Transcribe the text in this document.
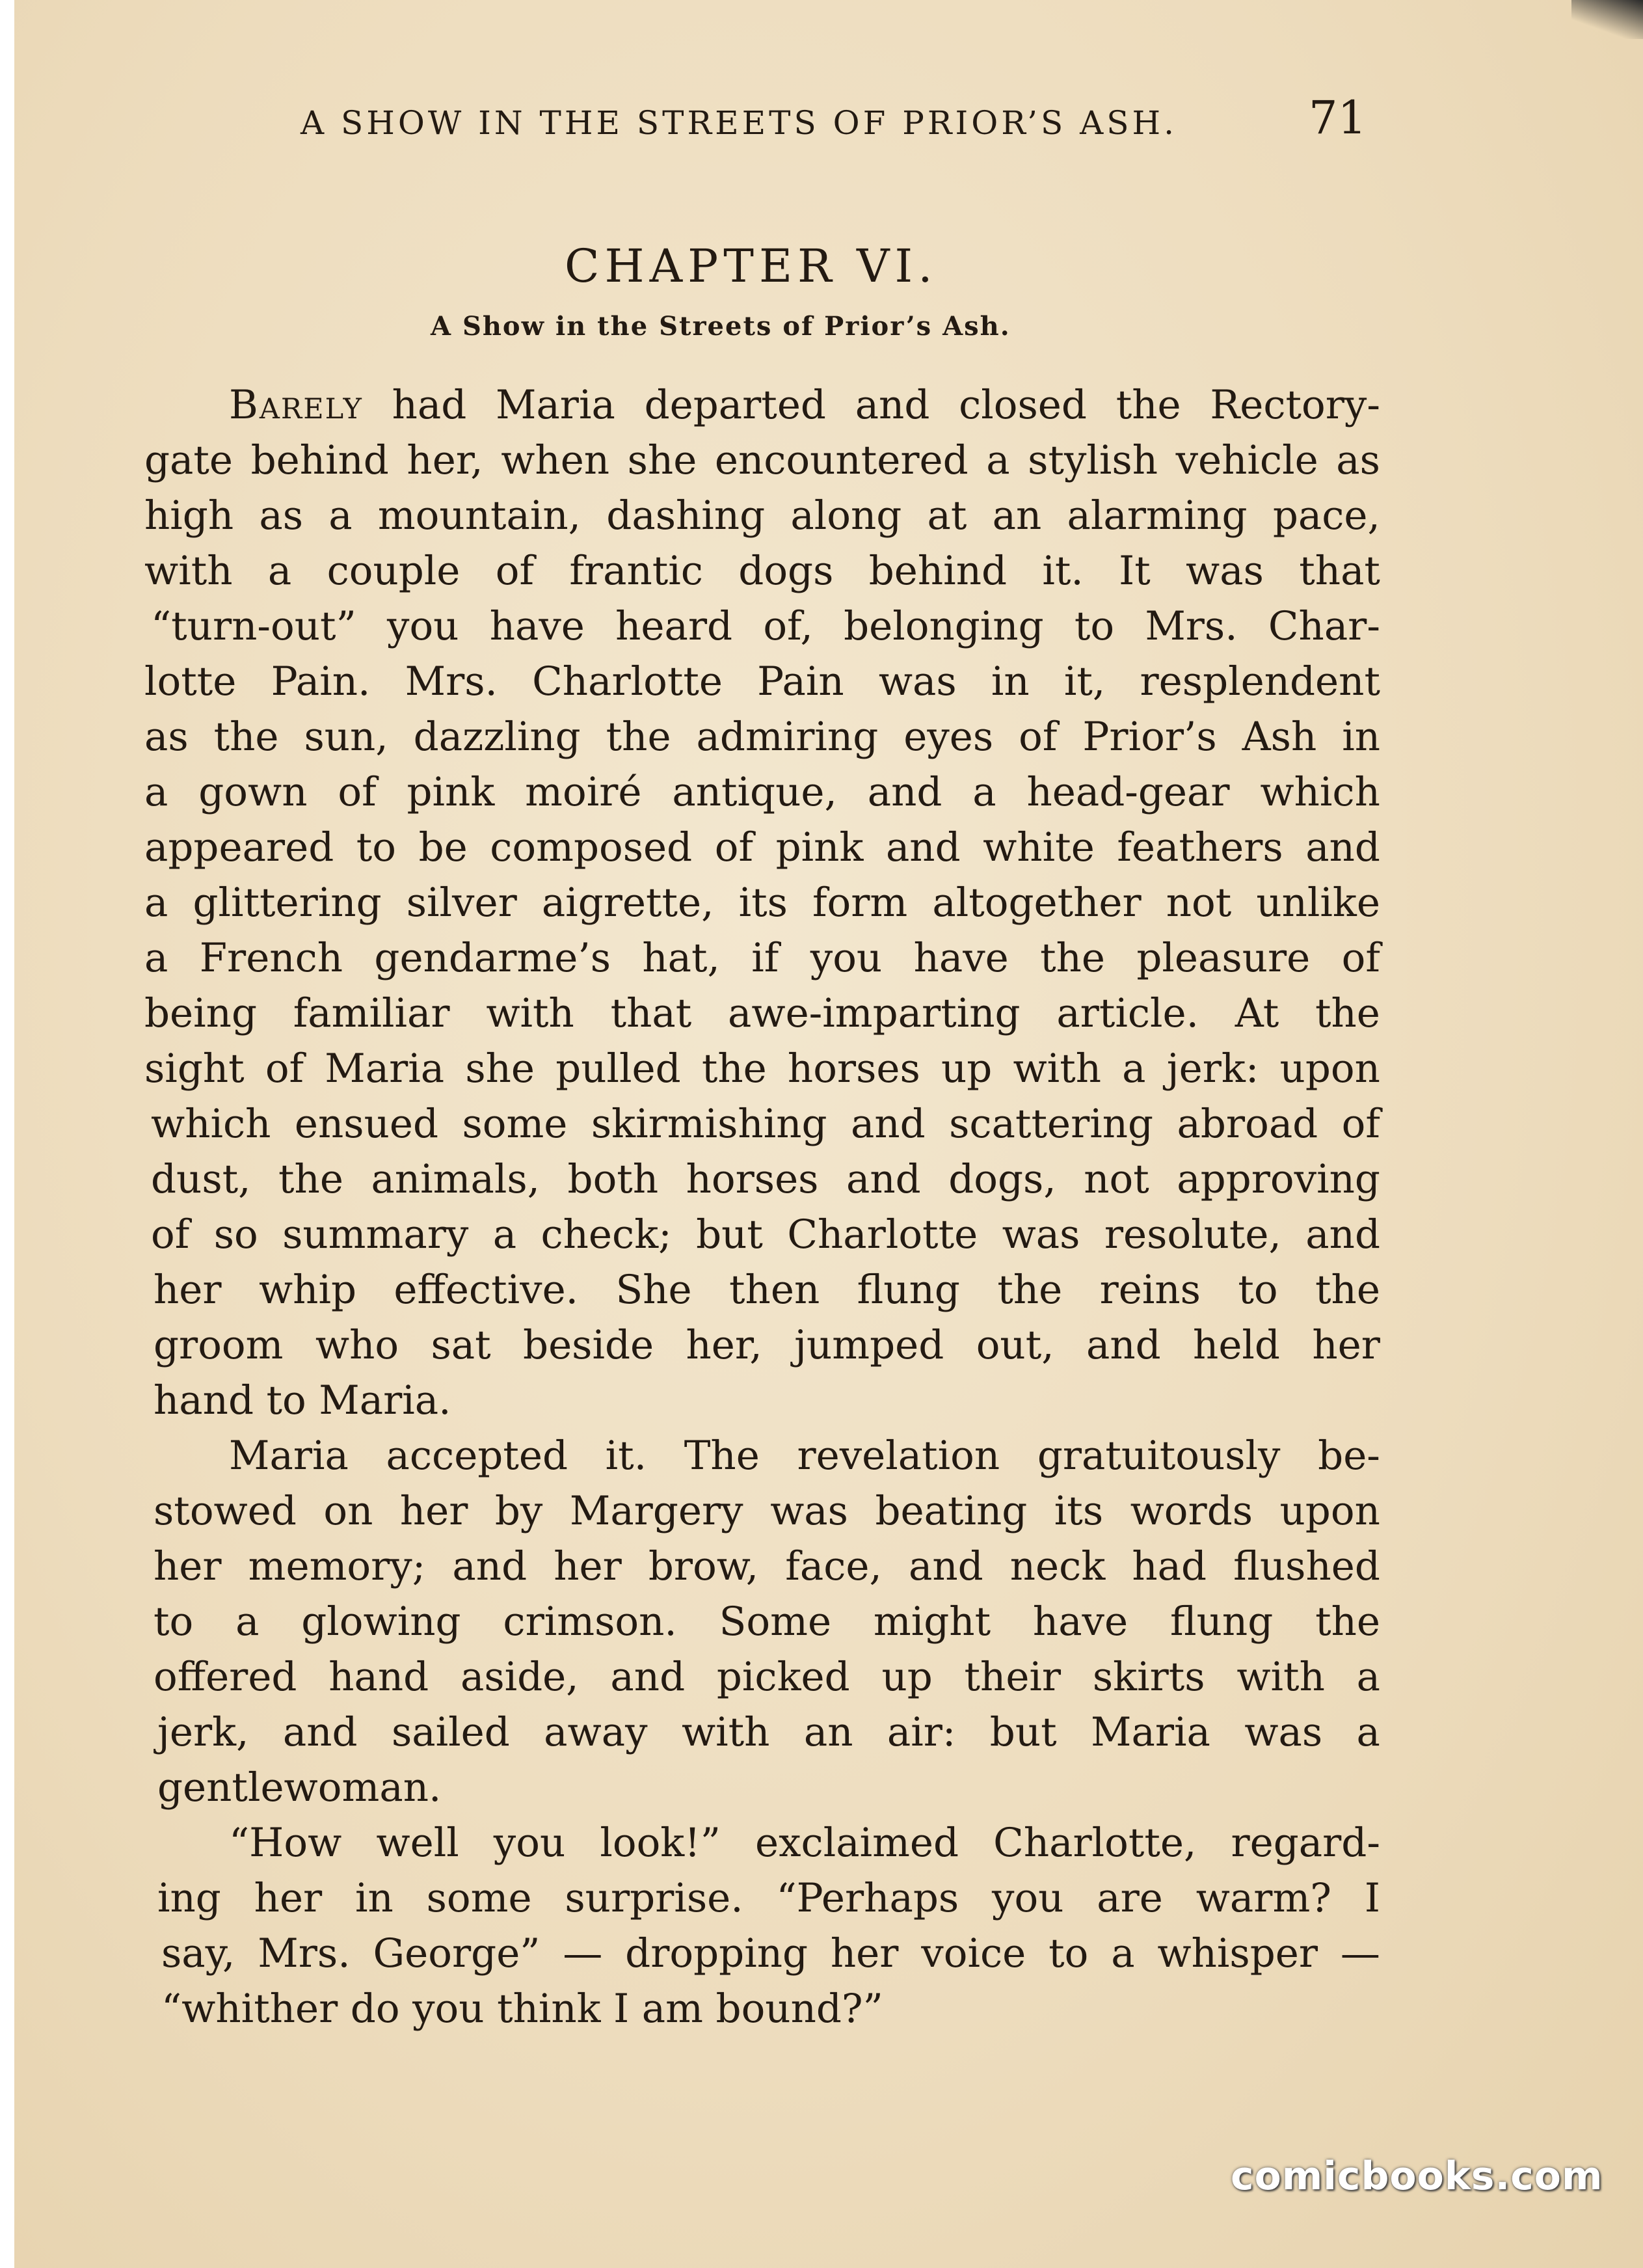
A SHOW IN THE STREETS OF PRIOR’S ASH.	71
CHAPTER VI.
A Show in the Streets of Prior’s Ash.
Barely had Maria departed and closed the Rectory-
gate behind her, when she encountered a stylish vehicle as
high as a mountain, dashing along at an alarming pace,
with a couple of frantic dogs behind it. It was that
“turn-out” you have heard of, belonging to Mrs. Char-
lotte Pain. Mrs. Charlotte Pain was in it, resplendent
as the sun, dazzling the admiring eyes of Prior’s Ash in
a gown of pink moiré antique, and a head-gear which
appeared to be composed of pink and white feathers and
a glittering silver aigrette, its form altogether not unlike
a French gendarme’s hat, if you have the pleasure of
being familiar with that awe-imparting article. At the
sight of Maria she pulled the horses up with a jerk: upon
which ensued some skirmishing and scattering abroad of
dust, the animals, both horses and dogs, not approving
of so summary a check; but Charlotte was resolute, and
her whip effective. She then flung the reins to the
groom who sat beside her, jumped out, and held her
hand to Maria.
Maria accepted it. The revelation gratuitously be-
stowed on her by Margery was beating its words upon
her memory; and her brow, face, and neck had flushed
to a glowing crimson. Some might have flung the
offered hand aside, and picked up their skirts with a
jerk, and sailed away with an air: but Maria was a
gentlewoman.
“How well you look!” exclaimed Charlotte, regard-
ing her in some surprise. “Perhaps you are warm? I
say, Mrs. George” — dropping her voice to a whisper —
“whither do you think I am bound?”
comicbooks.com
